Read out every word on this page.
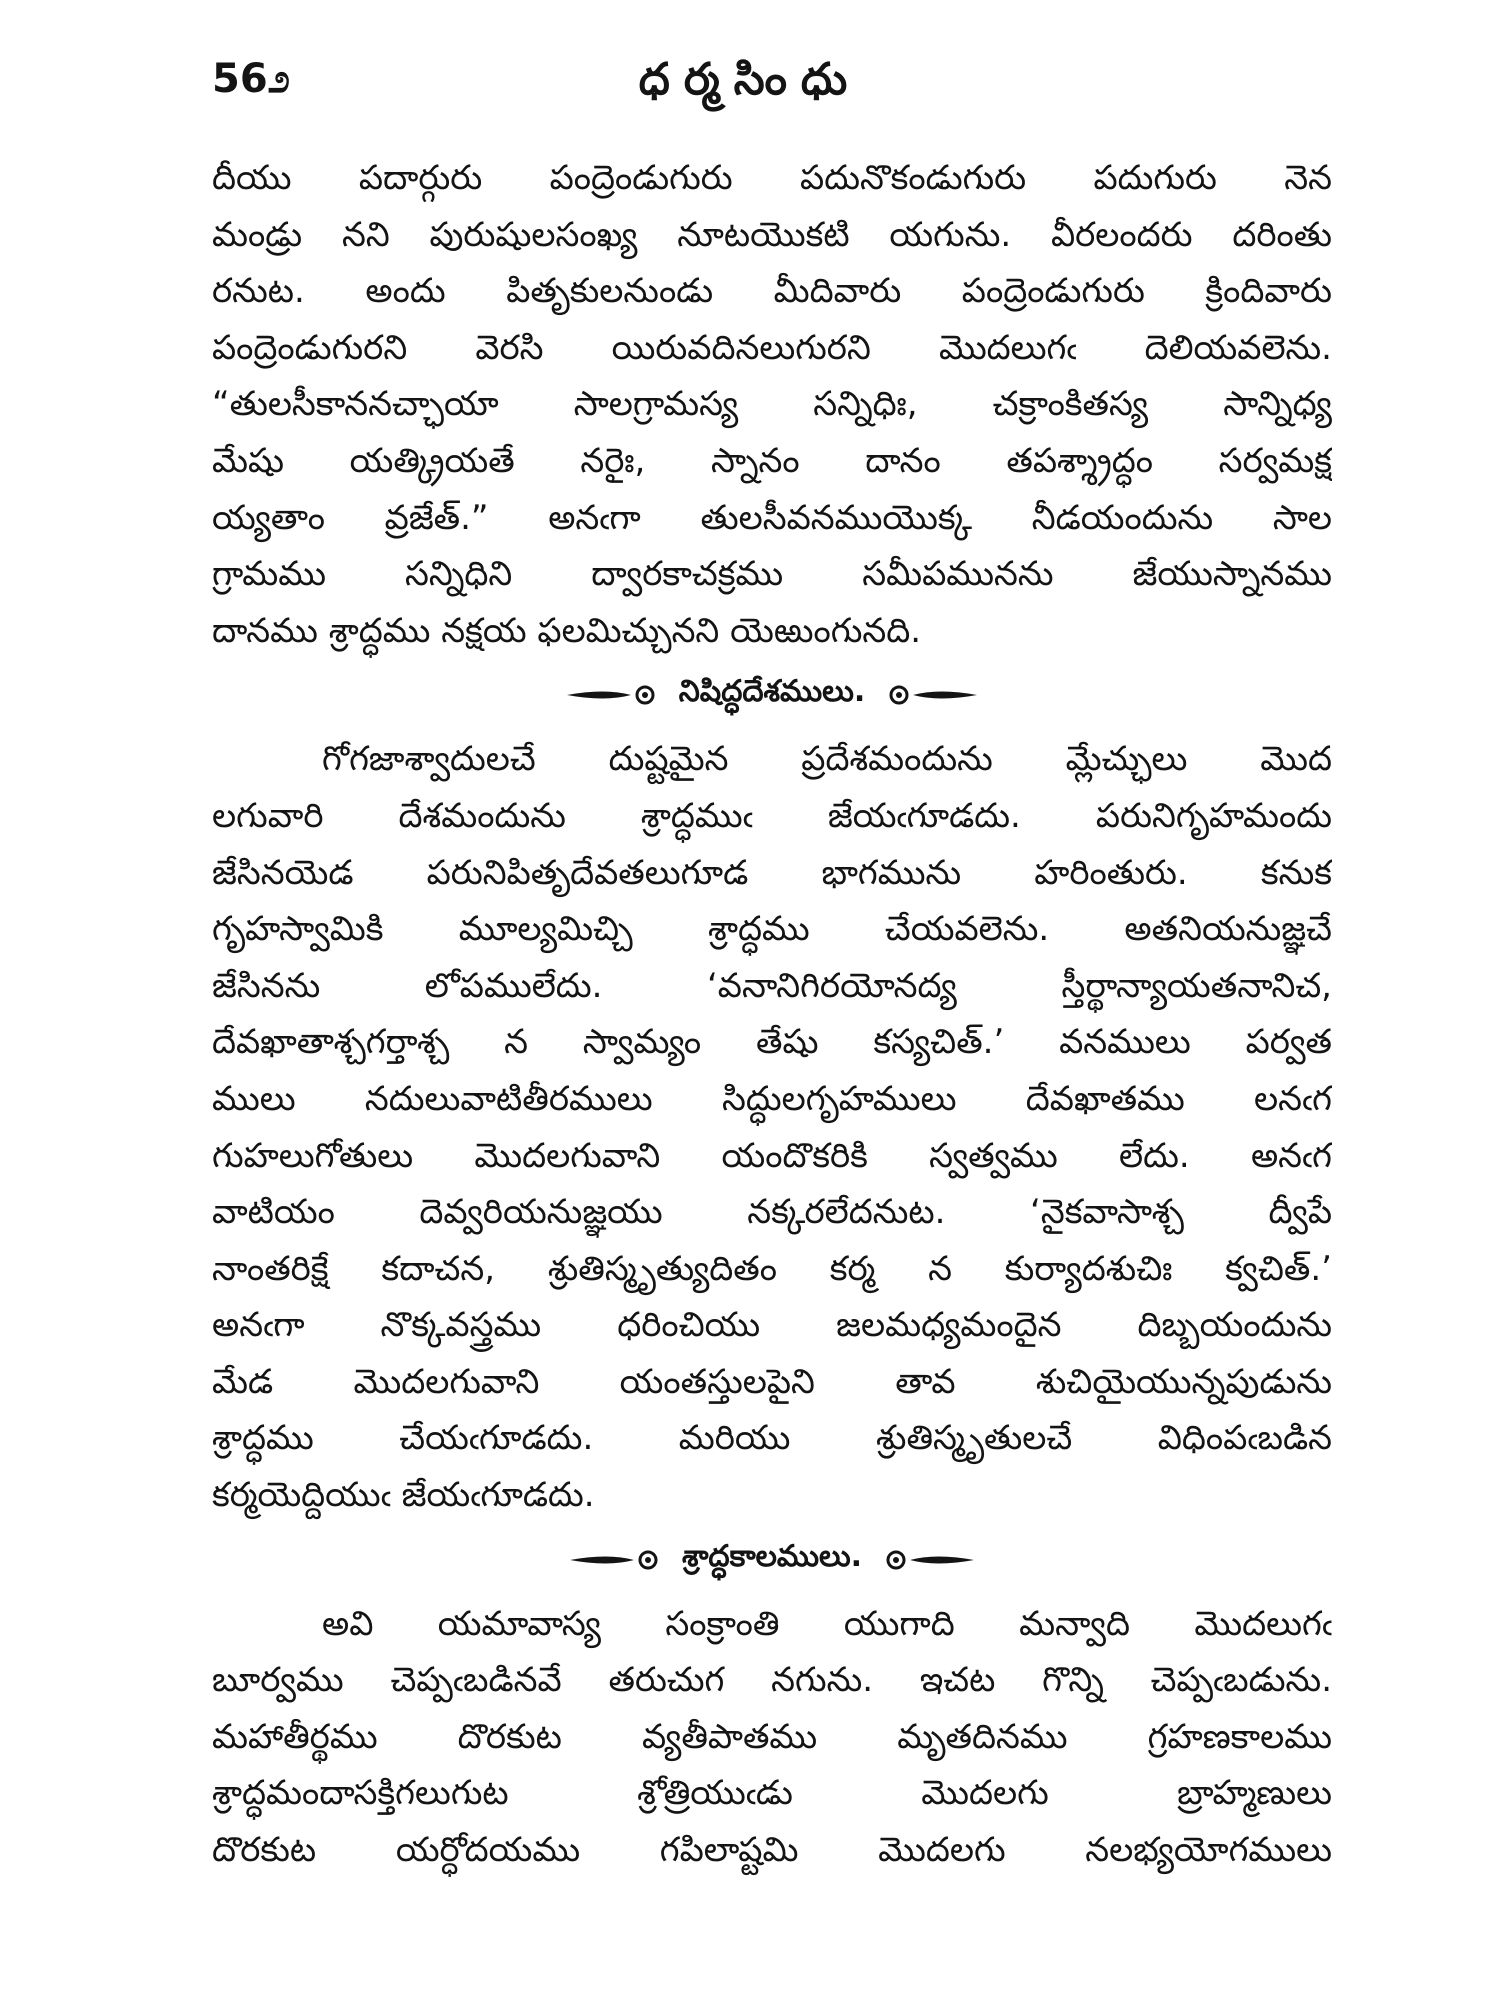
56೨	ధర్మసింధు
దీయు పదార్గురు పంద్రెండుగురు పదునొకండుగురు పదుగురు నెన
మండ్రు నని పురుషులసంఖ్య నూటయొకటి యగును. వీరలందరు దరింతు
రనుట. అందు పితృకులనుండు మీదివారు పంద్రెండుగురు క్రిందివారు
పంద్రెండుగురని వెరసి యిరువదినలుగురని మొదలుగఁ దెలియవలెను.
“తులసీకాననచ్ఛాయా సాలగ్రామస్య సన్నిధిః, చక్రాంకితస్య సాన్నిధ్య
మేషు యత్క్రియతే నరైః, స్నానం దానం తపశ్శ్రాద్ధం సర్వమక్ష
య్యతాం వ్రజేత్.” అనఁగా తులసీవనముయొక్క నీడయందును సాల
గ్రామము సన్నిధిని ద్వారకాచక్రము సమీపమునను జేయుస్నానము
దానము శ్రాద్ధము నక్షయ ఫలమిచ్చునని యెఱుంగునది.
నిషిద్ధదేశములు.
గోగజాశ్వాదులచే దుష్టమైన ప్రదేశమందును మ్లేచ్ఛులు మొద
లగువారి దేశమందును శ్రాద్ధముఁ జేయఁగూడదు. పరునిగృహమందు
జేసినయెడ పరునిపితృదేవతలుగూడ భాగమును హరింతురు. కనుక
గృహస్వామికి మూల్యమిచ్చి శ్రాద్ధము చేయవలెను. అతనియనుజ్ఞచే
జేసినను లోపములేదు. ‘వనానిగిరయోనద్య స్తీర్థాన్యాయతనానిచ,
దేవఖాతాశ్చగర్తాశ్చ న స్వామ్యం తేషు కస్యచిత్.’ వనములు పర్వత
ములు నదులువాటితీరములు సిద్ధులగృహములు దేవఖాతము లనఁగ
గుహలుగోతులు మొదలగువాని యందొకరికి స్వత్వము లేదు. అనఁగ
వాటియం దెవ్వరియనుజ్ఞయు నక్కరలేదనుట. ‘నైకవాసాశ్చ ద్వీపే
నాంతరిక్షే కదాచన, శ్రుతిస్మృత్యుదితం కర్మ న కుర్యాదశుచిః క్వచిత్.’
అనఁగా నొక్కవస్త్రము ధరించియు జలమధ్యమందైన దిబ్బయందును
మేడ మొదలగువాని యంతస్తులపైని తావ శుచియైయున్నపుడును
శ్రాద్ధము చేయఁగూడదు. మరియు శ్రుతిస్మృతులచే విధింపఁబడిన
కర్మయెద్దియుఁ జేయఁగూడదు.
శ్రాద్ధకాలములు.
అవి యమావాస్య సంక్రాంతి యుగాది మన్వాది మొదలుగఁ
బూర్వము చెప్పఁబడినవే తరుచుగ నగును. ఇచట గొన్ని చెప్పఁబడును.
మహాతీర్థము దొరకుట వ్యతీపాతము మృతదినము గ్రహణకాలము
శ్రాద్ధమందాసక్తిగలుగుట శ్రోత్రియుఁడు మొదలగు బ్రాహ్మణులు
దొరకుట యర్ధోదయము గపిలాష్టమి మొదలగు నలభ్యయోగములు
